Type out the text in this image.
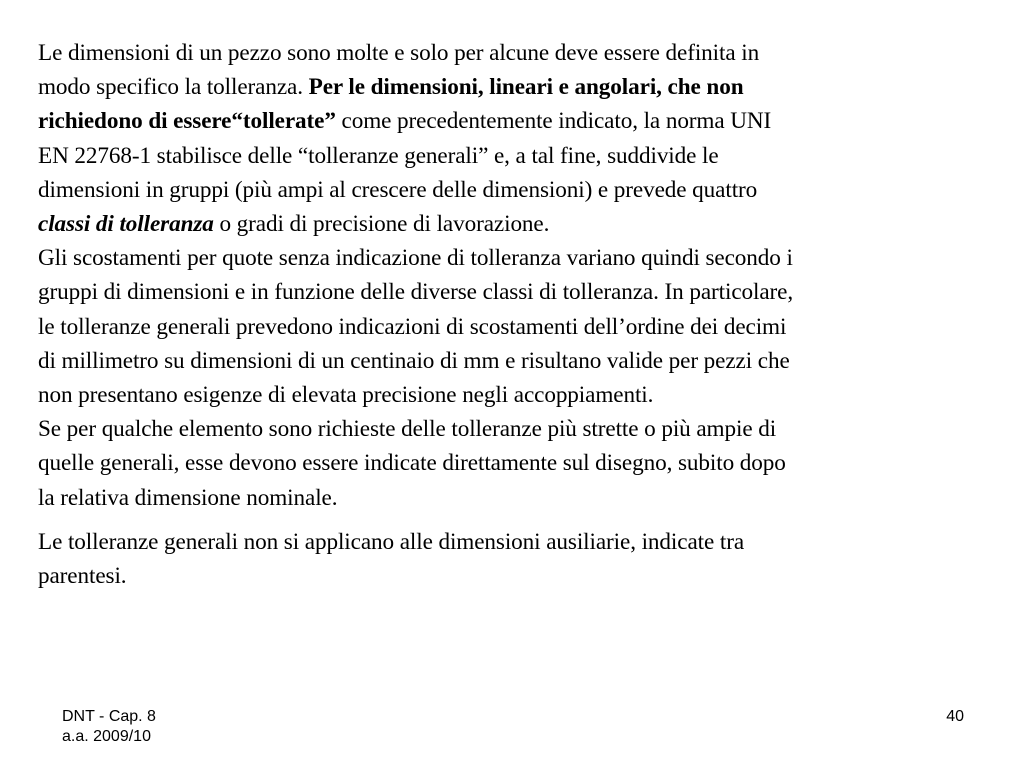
Le dimensioni di un pezzo sono molte e solo per alcune deve essere definita in
modo specifico la tolleranza. Per le dimensioni, lineari e angolari, che non
richiedono di essere“tollerate” come precedentemente indicato, la norma UNI
EN 22768-1 stabilisce delle “tolleranze generali” e, a tal fine, suddivide le
dimensioni in gruppi (più ampi al crescere delle dimensioni) e prevede quattro
classi di tolleranza o gradi di precisione di lavorazione.

Gli scostamenti per quote senza indicazione di tolleranza variano quindi secondo i
gruppi di dimensioni e in funzione delle diverse classi di tolleranza. In particolare,
le tolleranze generali prevedono indicazioni di scostamenti dell’ordine dei decimi
di millimetro su dimensioni di un centinaio di mm e risultano valide per pezzi che
non presentano esigenze di elevata precisione negli accoppiamenti.

Se per qualche elemento sono richieste delle tolleranze più strette o più ampie di
quelle generali, esse devono essere indicate direttamente sul disegno, subito dopo
la relativa dimensione nominale.

Le tolleranze generali non si applicano alle dimensioni ausiliarie, indicate tra
parentesi.

DNT - Cap. 8
a.a. 2009/10
40
